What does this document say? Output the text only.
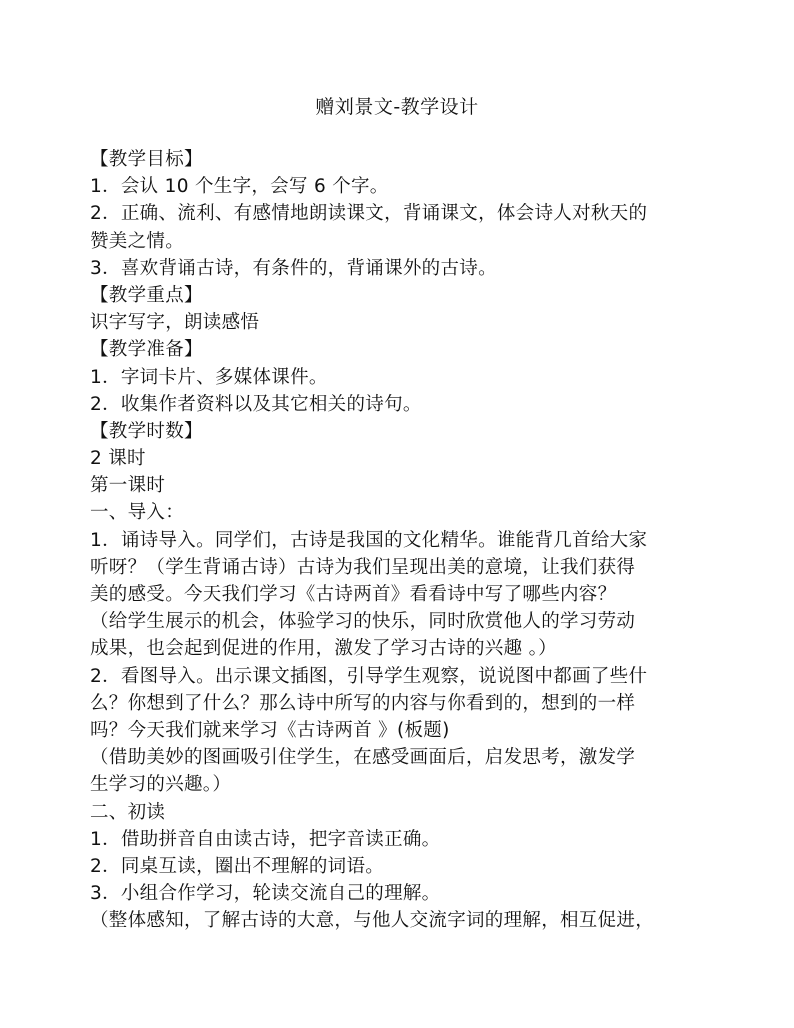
赠刘景文-教学设计
【教学目标】
1．会认 10 个生字，会写 6 个字。
2．正确、流利、有感情地朗读课文，背诵课文，体会诗人对秋天的
赞美之情。
3．喜欢背诵古诗，有条件的，背诵课外的古诗。
【教学重点】
识字写字，朗读感悟
【教学准备】
1．字词卡片、多媒体课件。
2．收集作者资料以及其它相关的诗句。
【教学时数】
2 课时
第一课时
一、导入：
1．诵诗导入。同学们，古诗是我国的文化精华。谁能背几首给大家
听呀？（学生背诵古诗）古诗为我们呈现出美的意境，让我们获得
美的感受。今天我们学习《古诗两首》看看诗中写了哪些内容？
（给学生展示的机会，体验学习的快乐，同时欣赏他人的学习劳动
成果，也会起到促进的作用，激发了学习古诗的兴趣 。）
2．看图导入。出示课文插图，引导学生观察，说说图中都画了些什
么？你想到了什么？那么诗中所写的内容与你看到的，想到的一样
吗？今天我们就来学习《古诗两首 》(板题)
（借助美妙的图画吸引住学生，在感受画面后，启发思考，激发学
生学习的兴趣。）
二、初读
1．借助拼音自由读古诗，把字音读正确。
2．同桌互读，圈出不理解的词语。
3．小组合作学习，轮读交流自己的理解。
（整体感知，了解古诗的大意，与他人交流字词的理解，相互促进，
